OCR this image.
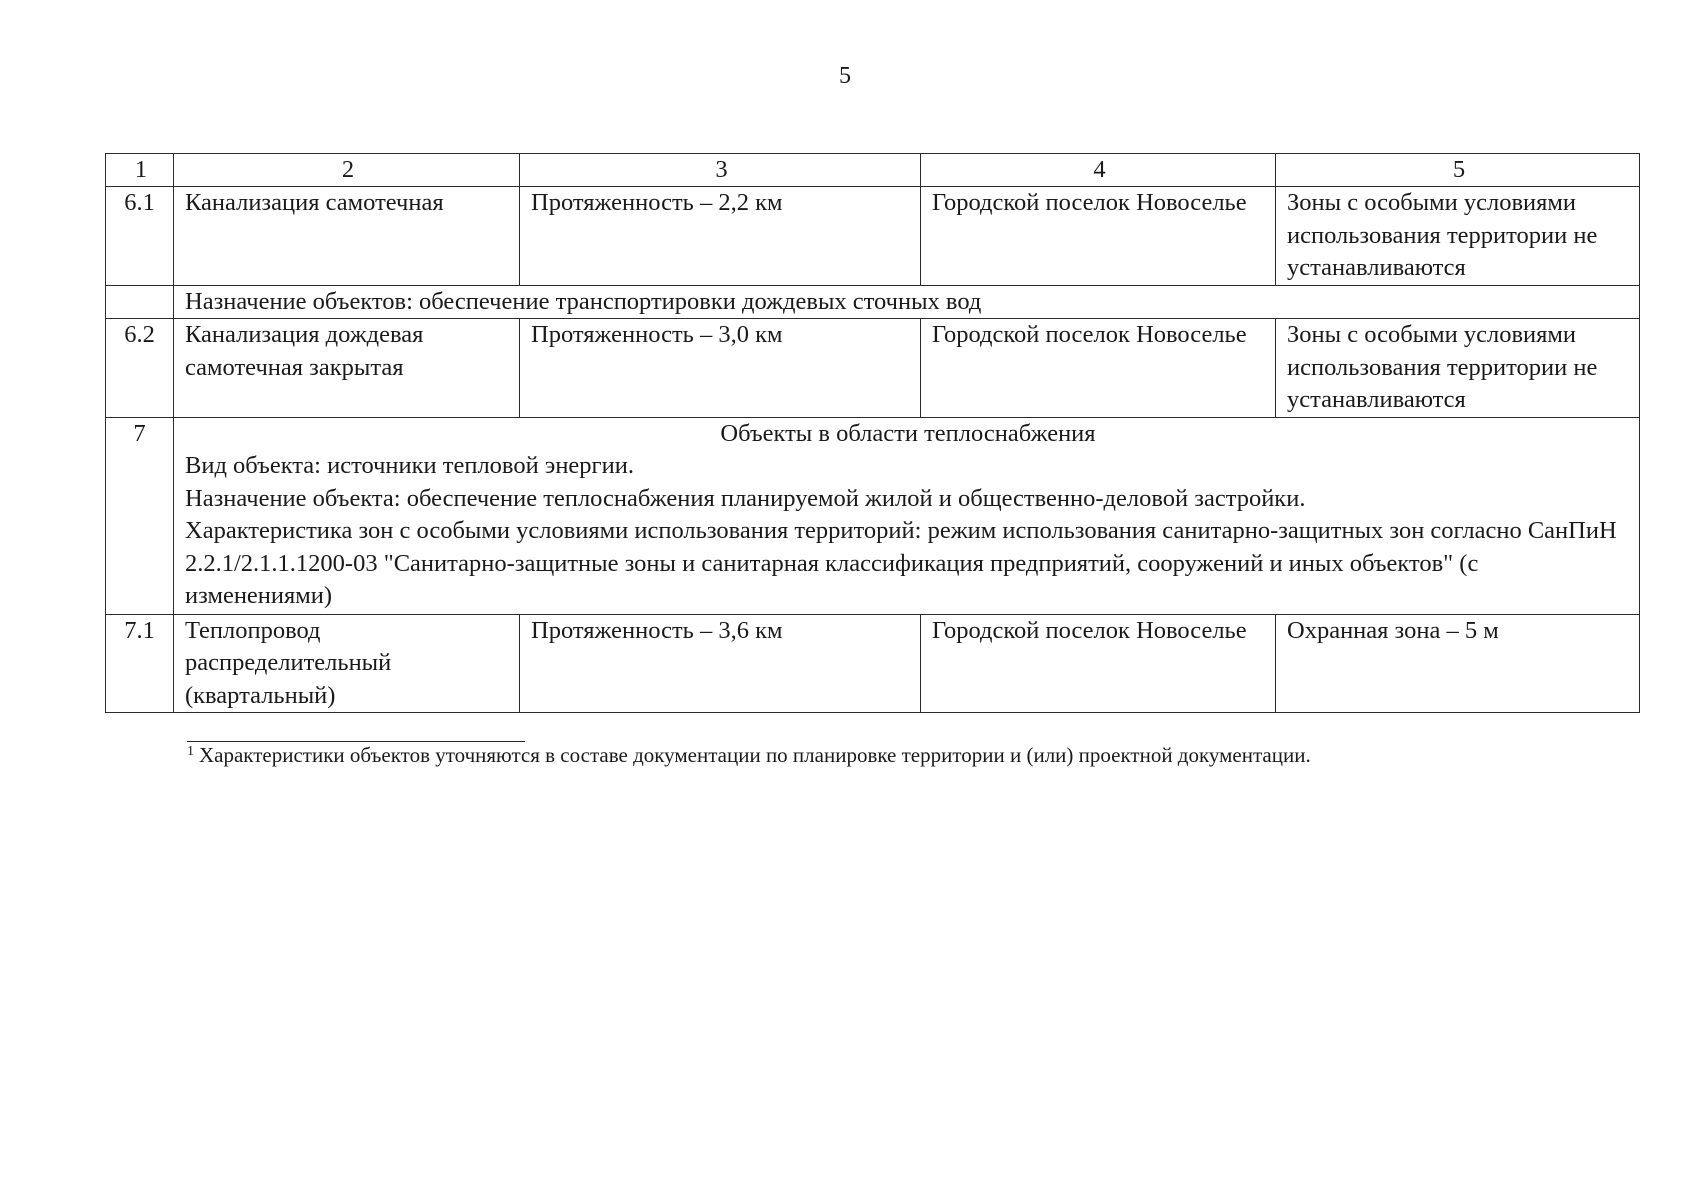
5
1	2	3	4	5
6.1	Канализация самотечная	Протяженность – 2,2 км	Городской поселок Новоселье	Зоны с особыми условиями использования территории не устанавливаются
	Назначение объектов: обеспечение транспортировки дождевых сточных вод			
6.2	Канализация дождевая самотечная закрытая	Протяженность – 3,0 км	Городской поселок Новоселье	Зоны с особыми условиями использования территории не устанавливаются
7	Объекты в области теплоснабжения
Вид объекта: источники тепловой энергии.
Назначение объекта: обеспечение теплоснабжения планируемой жилой и общественно-деловой застройки.
Характеристика зон с особыми условиями использования территорий: режим использования санитарно-защитных зон согласно СанПиН 2.2.1/2.1.1.1200-03 "Санитарно-защитные зоны и санитарная классификация предприятий, сооружений и иных объектов" (с изменениями)			

7.1	Теплопровод распределительный (квартальный)	Протяженность – 3,6 км	Городской поселок Новоселье	Охранная зона – 5 м
$^1$ Характеристики объектов уточняются в составе документации по планировке территории и (или) проектной документации.
